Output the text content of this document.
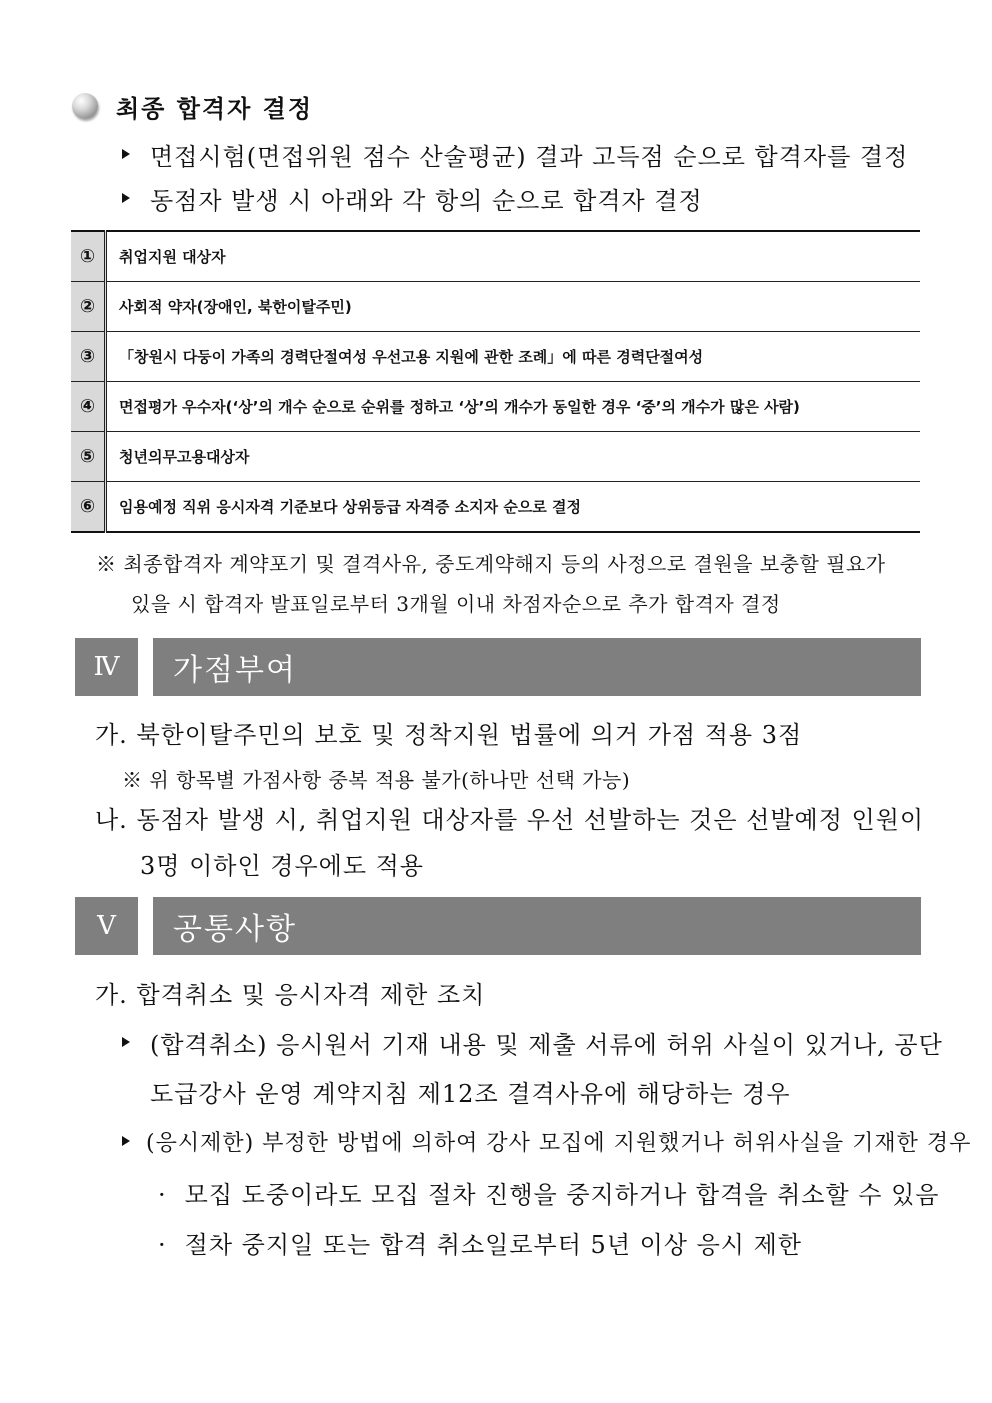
최종 합격자 결정
면접시험(면접위원 점수 산술평균) 결과 고득점 순으로 합격자를 결정
동점자 발생 시 아래와 각 항의 순으로 합격자 결정
①	취업지원 대상자
②	사회적 약자(장애인, 북한이탈주민)
③	「창원시 다둥이 가족의 경력단절여성 우선고용 지원에 관한 조례」에 따른 경력단절여성
④	면접평가 우수자(‘상’의 개수 순으로 순위를 정하고 ‘상’의 개수가 동일한 경우 ‘중’의 개수가 많은 사람)
⑤	청년의무고용대상자
⑥	임용예정 직위 응시자격 기준보다 상위등급 자격증 소지자 순으로 결정
※ 최종합격자 계약포기 및 결격사유, 중도계약해지 등의 사정으로 결원을 보충할 필요가
있을 시 합격자 발표일로부터 3개월 이내 차점자순으로 추가 합격자 결정
Ⅳ	가점부여
가. 북한이탈주민의 보호 및 정착지원 법률에 의거 가점 적용 3점
※ 위 항목별 가점사항 중복 적용 불가(하나만 선택 가능)
나. 동점자 발생 시, 취업지원 대상자를 우선 선발하는 것은 선발예정 인원이
3명 이하인 경우에도 적용
Ⅴ	공통사항
가. 합격취소 및 응시자격 제한 조치
(합격취소) 응시원서 기재 내용 및 제출 서류에 허위 사실이 있거나, 공단
도급강사 운영 계약지침 제12조 결격사유에 해당하는 경우
(응시제한) 부정한 방법에 의하여 강사 모집에 지원했거나 허위사실을 기재한 경우
· 모집 도중이라도 모집 절차 진행을 중지하거나 합격을 취소할 수 있음
· 절차 중지일 또는 합격 취소일로부터 5년 이상 응시 제한
